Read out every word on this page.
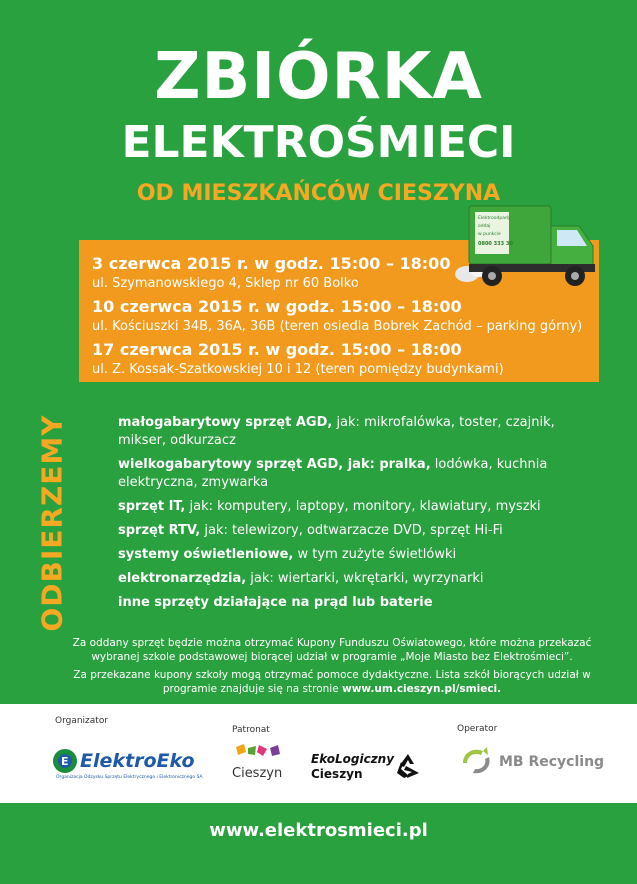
ZBIÓRKA
ELEKTROŚMIECI
OD MIESZKAŃCÓW CIESZYNA
Elektroodpady
oddaj
w punkcie
0800 333 30
3 czerwca 2015 r. w godz. 15:00 – 18:00
ul. Szymanowskiego 4, Sklep nr 60 Bolko
10 czerwca 2015 r. w godz. 15:00 – 18:00
ul. Kościuszki 34B, 36A, 36B (teren osiedla Bobrek Zachód – parking górny)
17 czerwca 2015 r. w godz. 15:00 – 18:00
ul. Z. Kossak-Szatkowskiej 10 i 12 (teren pomiędzy budynkami)
ODBIERZEMY	małogabarytowy sprzęt AGD, jak: mikrofalówka, toster, czajnik, mikser, odkurzacz
wielkogabarytowy sprzęt AGD, jak: pralka, lodówka, kuchnia elektryczna, zmywarka
sprzęt IT, jak: komputery, laptopy, monitory, klawiatury, myszki
sprzęt RTV, jak: telewizory, odtwarzacze DVD, sprzęt Hi-Fi
systemy oświetleniowe, w tym zużyte świetlówki
elektronarzędzia, jak: wiertarki, wkrętarki, wyrzynarki
inne sprzęty działające na prąd lub baterie

Za oddany sprzęt będzie można otrzymać Kupony Funduszu Oświatowego, które można przekazać wybranej szkole podstawowej biorącej udział w programie „Moje Miasto bez Elektrośmieci”.

Za przekazane kupony szkoły mogą otrzymać pomoce dydaktyczne. Lista szkół biorących udział w programie znajduje się na stronie www.um.cieszyn.pl/smieci.

Organizator
E ElektroEko
Organizacja Odzysku Sprzętu Elektrycznego i Elektronicznego SA
Patronat
Cieszyn
EkoLogiczny
Cieszyn
Operator
MB Recycling
www.elektrosmieci.pl
